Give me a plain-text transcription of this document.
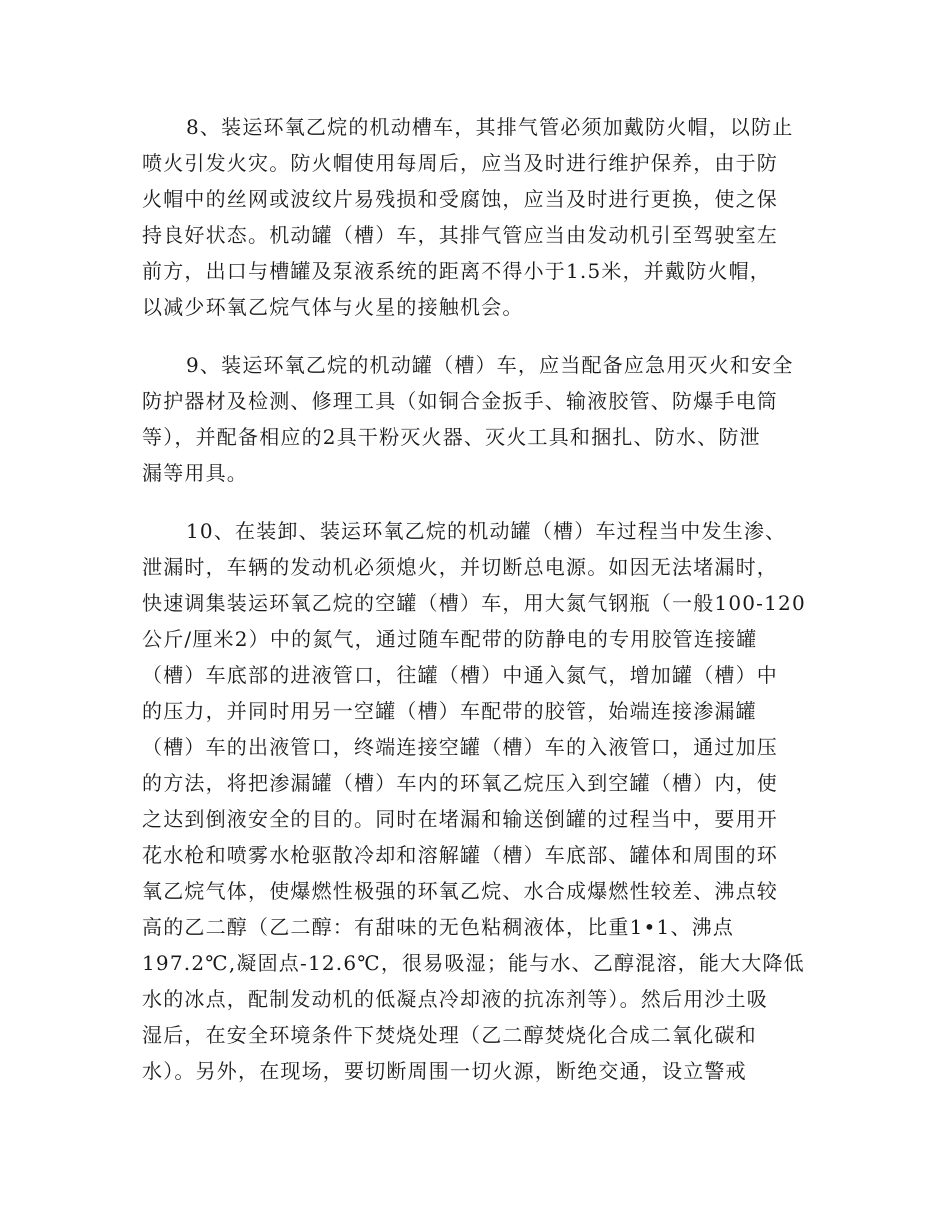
8、装运环氧乙烷的机动槽车，其排气管必须加戴防火帽，以防止
喷火引发火灾。防火帽使用每周后，应当及时进行维护保养，由于防
火帽中的丝网或波纹片易残损和受腐蚀，应当及时进行更换，使之保
持良好状态。机动罐（槽）车，其排气管应当由发动机引至驾驶室左
前方，出口与槽罐及泵液系统的距离不得小于1.5米，并戴防火帽，
以减少环氧乙烷气体与火星的接触机会。
9、装运环氧乙烷的机动罐（槽）车，应当配备应急用灭火和安全
防护器材及检测、修理工具（如铜合金扳手、输液胶管、防爆手电筒
等），并配备相应的2具干粉灭火器、灭火工具和捆扎、防水、防泄
漏等用具。
10、在装卸、装运环氧乙烷的机动罐（槽）车过程当中发生渗、
泄漏时，车辆的发动机必须熄火，并切断总电源。如因无法堵漏时，
快速调集装运环氧乙烷的空罐（槽）车，用大氮气钢瓶（一般100-120
公斤/厘米2）中的氮气，通过随车配带的防静电的专用胶管连接罐
（槽）车底部的进液管口，往罐（槽）中通入氮气，增加罐（槽）中
的压力，并同时用另一空罐（槽）车配带的胶管，始端连接渗漏罐
（槽）车的出液管口，终端连接空罐（槽）车的入液管口，通过加压
的方法，将把渗漏罐（槽）车内的环氧乙烷压入到空罐（槽）内，使
之达到倒液安全的目的。同时在堵漏和输送倒罐的过程当中，要用开
花水枪和喷雾水枪驱散冷却和溶解罐（槽）车底部、罐体和周围的环
氧乙烷气体，使爆燃性极强的环氧乙烷、水合成爆燃性较差、沸点较
高的乙二醇（乙二醇：有甜味的无色粘稠液体，比重1•1、沸点
197.2℃,凝固点-12.6℃，很易吸湿；能与水、乙醇混溶，能大大降低
水的冰点，配制发动机的低凝点冷却液的抗冻剂等）。然后用沙土吸
湿后，在安全环境条件下焚烧处理（乙二醇焚烧化合成二氧化碳和
水）。另外，在现场，要切断周围一切火源，断绝交通，设立警戒
